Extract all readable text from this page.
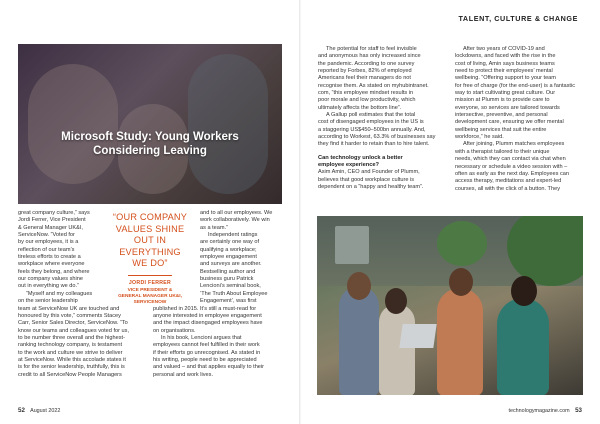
TALENT, CULTURE & CHANGE
Microsoft Study: Young Workers
Considering Leaving

great company culture,” says

Jordi Ferrer, Vice President

& General Manager UK&I,

ServiceNow. “Voted for

by our employees, it is a

reflection of our team’s

tireless efforts to create a

workplace where everyone

feels they belong, and where

our company values shine

out in everything we do.”

“Myself and my colleagues

on the senior leadership

team at ServiceNow UK are touched and

honoured by this vote,” comments Stacey

Carr, Senior Sales Director, ServiceNow. “To

know our teams and colleagues voted for us,

to be number three overall and the highest-

ranking technology company, is testament

to the work and culture we strive to deliver

at ServiceNow. While this accolade states it

is for the senior leadership, truthfully, this is

credit to all ServiceNow People Managers

“OUR COMPANY
VALUES SHINE
OUT IN
EVERYTHING
WE DO”
JORDI FERRER
VICE PRESIDENT &
GENERAL MANAGER UK&I,
SERVICENOW

and to all our employees. We

work collaboratively. We win

as a team.”

Independent ratings

are certainly one way of

qualifying a workplace;

employee engagement

and surveys are another.

Bestselling author and

business guru Patrick

Lencioni’s seminal book,

‘The Truth About Employee

Engagement’, was first

published in 2015. It’s still a must-read for

anyone interested in employee engagement

and the impact disengaged employees have

on organisations.

In his book, Lencioni argues that

employees cannot feel fulfilled in their work

if their efforts go unrecognised. As stated in

his writing, people need to be appreciated

and valued – and that applies equally to their

personal and work lives.

The potential for staff to feel invisible

and anonymous has only increased since

the pandemic. According to one survey

reported by Forbes, 82% of employed

Americans feel their managers do not

recognise them. As stated on myhubintranet.

com, “this employee mindset results in

poor morale and low productivity, which

ultimately affects the bottom line”.

A Gallup poll estimates that the total

cost of disengaged employees in the US is

a staggering US$450–500bn annually. And,

according to Workest, 63.3% of businesses say

they find it harder to retain than to hire talent.

Can technology unlock a better
employee experience?

Asim Amin, CEO and Founder of Plumm,

believes that good workplace culture is

dependent on a “happy and healthy team”.

After two years of COVID-19 and

lockdowns, and faced with the rise in the

cost of living, Amin says business teams

need to protect their employees’ mental

wellbeing. “Offering support to your team

for free of charge (for the end-user) is a fantastic

way to start cultivating great culture. Our

mission at Plumm is to provide care to

everyone, so services are tailored towards

intersective, preventive, and personal

development care, ensuring we offer mental

wellbeing services that suit the entire

workforce,” he said.

After joining, Plumm matches employees

with a therapist tailored to their unique

needs, which they can contact via chat when

necessary or schedule a video session with –

often as early as the next day. Employees can

access therapy, meditations and expert-led

courses, all with the click of a button. They

52 August 2022	technologymagazine.com 53
